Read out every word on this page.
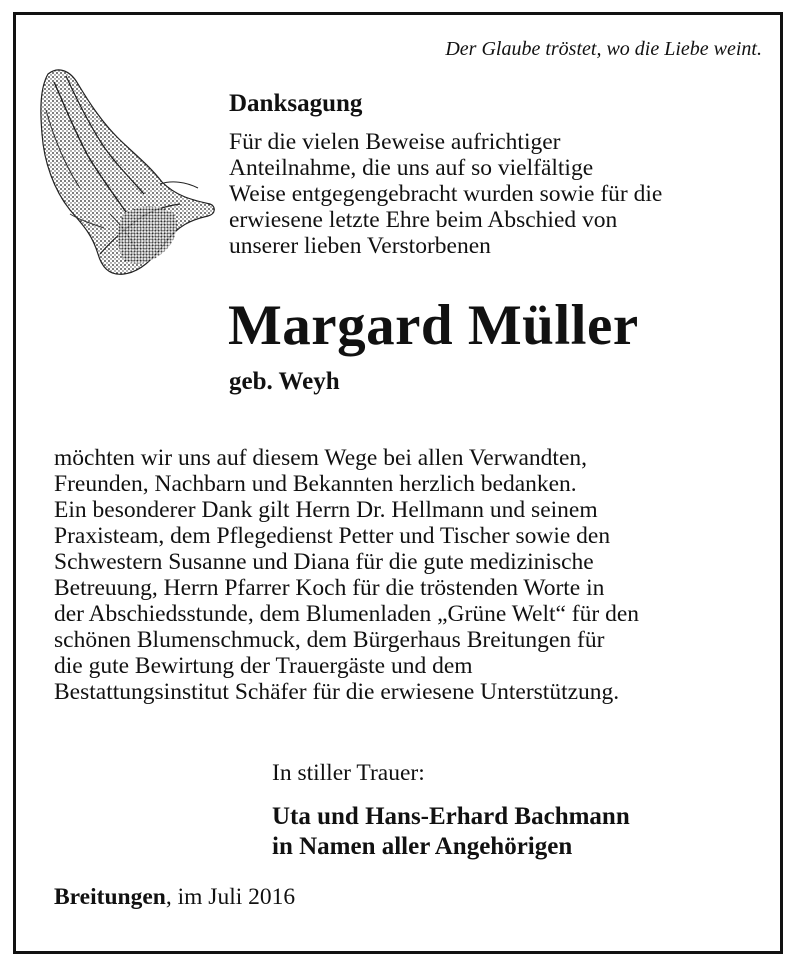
Der Glaube tröstet, wo die Liebe weint.
Danksagung
Für die vielen Beweise aufrichtiger
Anteilnahme, die uns auf so vielfältige
Weise entgegengebracht wurden sowie für die
erwiesene letzte Ehre beim Abschied von
unserer lieben Verstorbenen
Margard Müller
geb. Weyh
möchten wir uns auf diesem Wege bei allen Verwandten,
Freunden, Nachbarn und Bekannten herzlich bedanken.
Ein besonderer Dank gilt Herrn Dr. Hellmann und seinem
Praxisteam, dem Pflegedienst Petter und Tischer sowie den
Schwestern Susanne und Diana für die gute medizinische
Betreuung, Herrn Pfarrer Koch für die tröstenden Worte in
der Abschiedsstunde, dem Blumenladen „Grüne Welt“ für den
schönen Blumenschmuck, dem Bürgerhaus Breitungen für
die gute Bewirtung der Trauergäste und dem
Bestattungsinstitut Schäfer für die erwiesene Unterstützung.
In stiller Trauer:
Uta und Hans-Erhard Bachmann
in Namen aller Angehörigen
Breitungen, im Juli 2016
